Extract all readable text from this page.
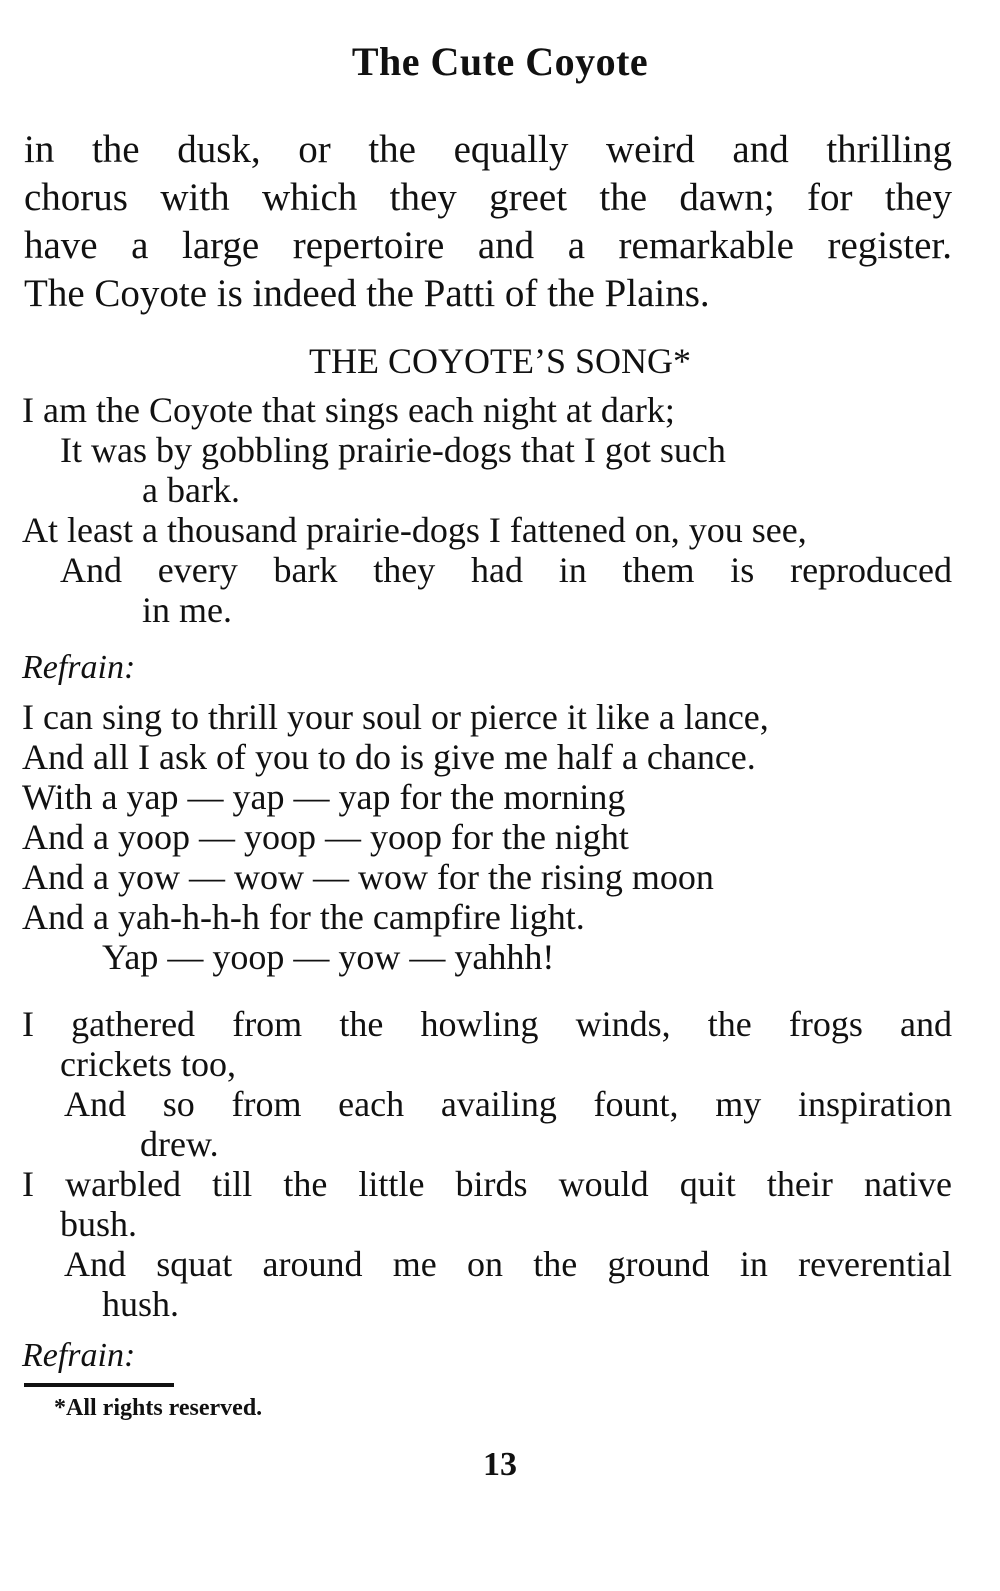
The Cute Coyote

in the dusk, or the equally weird and thrilling
chorus with which they greet the dawn; for they
have a large repertoire and a remarkable register.
The Coyote is indeed the Patti of the Plains.

THE COYOTE’S SONG*
I am the Coyote that sings each night at dark;
It was by gobbling prairie-dogs that I got such
a bark.
At least a thousand prairie-dogs I fattened on, you see,
And every bark they had in them is reproduced
in me.
Refrain:
I can sing to thrill your soul or pierce it like a lance,
And all I ask of you to do is give me half a chance.
With a yap — yap — yap for the morning
And a yoop — yoop — yoop for the night
And a yow — wow — wow for the rising moon
And a yah-h-h-h for the campfire light.
Yap — yoop — yow — yahhh!
I gathered from the howling winds, the frogs and
crickets too,
And so from each availing fount, my inspiration
drew.
I warbled till the little birds would quit their native
bush.
And squat around me on the ground in reverential
hush.
Refrain:
*All rights reserved.
13
